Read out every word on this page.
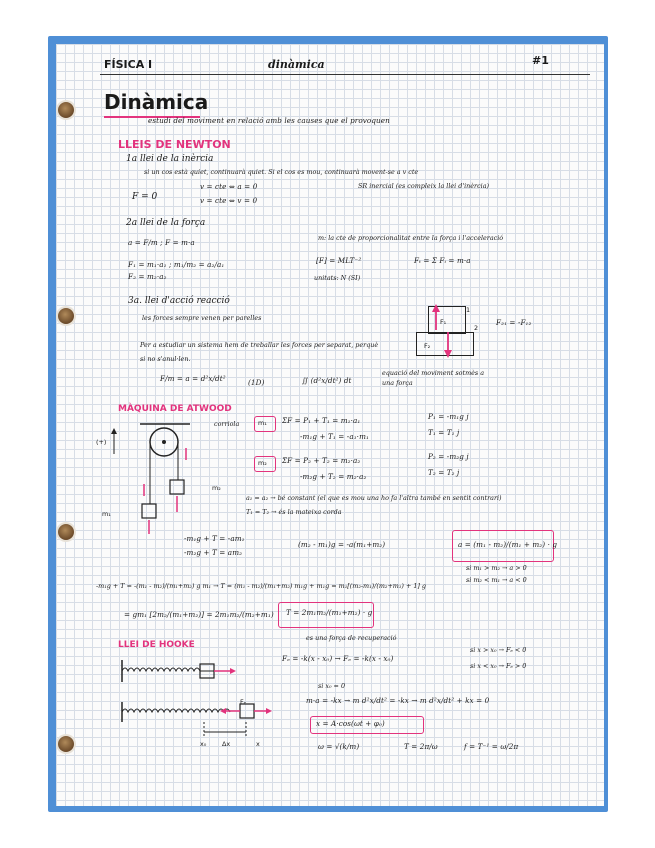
FÍSICA I	dinàmica	#1
Dinàmica
estudi del moviment en relació amb les causes que el provoquen
LLEIS DE NEWTON
1a llei de la inèrcia
si un cos està quiet, continuarà quiet. Si el cos es mou, continuarà movent-se a v cte
F = 0
v = cte ⇔ a = 0
v = cte ⇔ v = 0
SR inercial (es compleix la llei d'inèrcia)
2a llei de la força
a = F/m ; F = m·a
F₁ = m₁·a₁ ; m₁/m₂ = a₂/a₁
F₂ = m₂·a₂
m: la cte de proporcionalitat entre la força i l'acceleració
[F] = MLT⁻²
unitats: N (SI)
Fₜ = Σ Fᵢ = m·a
3a. llei d'acció reacció
les forces sempre venen per parelles
1
2
F₁
F₂
F₂₁ = -F₁₂
Per a estudiar un sistema hem de treballar les forces per separat, perquè si no s'anul·len.
F/m = a = d²x/dt²	(1D)	∬ (d²x/dt²) dt
equació del moviment sotmès a una força
MÀQUINA DE ATWOOD
corriola
(+)
m₁
m₂
m₁ ΣF = P₁ + T₁ = m₁·a₁
-m₁g + T₁ = -a₁·m₁
P₁ = -m₁g j
T₁ = T₁ j
m₂ ΣF = P₂ + T₂ = m₂·a₂
-m₂g + T₂ = m₂·a₂
P₂ = -m₂g j
T₂ = T₂ j
a₁ = a₂ → bé constant (el que es mou una ho fa l'altra també en sentit contrari)
T₁ = T₂ → és la mateixa corda
-m₁g + T = -am₁
-m₂g + T = am₂
(m₂ - m₁)g = -a(m₁+m₂)	a = (m₁ - m₂)/(m₁ + m₂) · g
si m₁ > m₂ → a > 0
si m₂ < m₁ → a < 0
-m₁g + T = -(m₁ - m₂)/(m₁+m₂) g m₁ → T = (m₁ - m₂)/(m₁+m₂) m₁g + m₁g = m₁[(m₂-m₁)/(m₂+m₁) + 1] g
= gm₁ [2m₂/(m₁+m₂)] = 2m₁m₂/(m₂+m₁) T = 2m₁m₂/(m₁+m₂) · g
LLEI DE HOOKE
es una força de recuperació
Fₑ = -k(x - x₀) → Fₑ = -k(x - x₀)
si x > x₀ → Fₑ < 0
si x < x₀ → Fₑ > 0
x₀ Δx	x
Fₑ
si x₀ = 0
m·a = -kx → m d²x/dt² = -kx → m d²x/dt² + kx = 0
x = A·cos(ωt + φ₀)
ω = √(k/m)	T = 2π/ω	f = T⁻¹ = ω/2π
